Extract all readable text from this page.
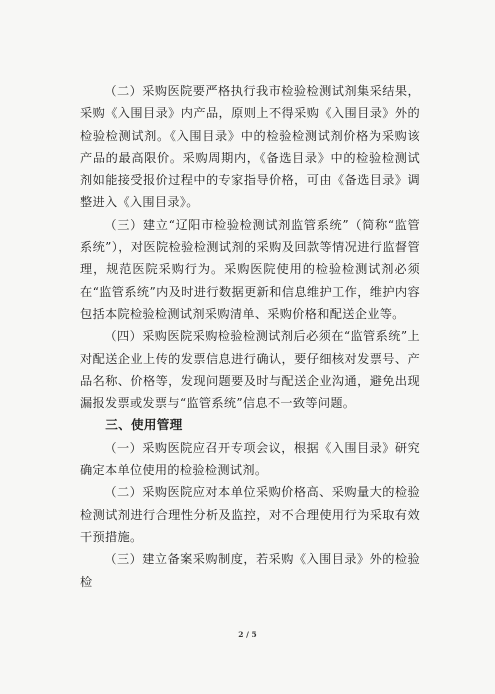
（二）采购医院要严格执行我市检验检测试剂集采结果，采购《入围目录》内产品，原则上不得采购《入围目录》外的检验检测试剂。《入围目录》中的检验检测试剂价格为采购该产品的最高限价。采购周期内，《备选目录》中的检验检测试剂如能接受报价过程中的专家指导价格，可由《备选目录》调整进入《入围目录》。

（三）建立“辽阳市检验检测试剂监管系统”（简称“监管系统”），对医院检验检测试剂的采购及回款等情况进行监督管理，规范医院采购行为。采购医院使用的检验检测试剂必须在“监管系统”内及时进行数据更新和信息维护工作，维护内容包括本院检验检测试剂采购清单、采购价格和配送企业等。

（四）采购医院采购检验检测试剂后必须在“监管系统”上对配送企业上传的发票信息进行确认，要仔细核对发票号、产品名称、价格等，发现问题要及时与配送企业沟通，避免出现漏报发票或发票与“监管系统”信息不一致等问题。

三、使用管理

（一）采购医院应召开专项会议，根据《入围目录》研究确定本单位使用的检验检测试剂。

（二）采购医院应对本单位采购价格高、采购量大的检验检测试剂进行合理性分析及监控，对不合理使用行为采取有效干预措施。

（三）建立备案采购制度，若采购《入围目录》外的检验检

2 / 5
